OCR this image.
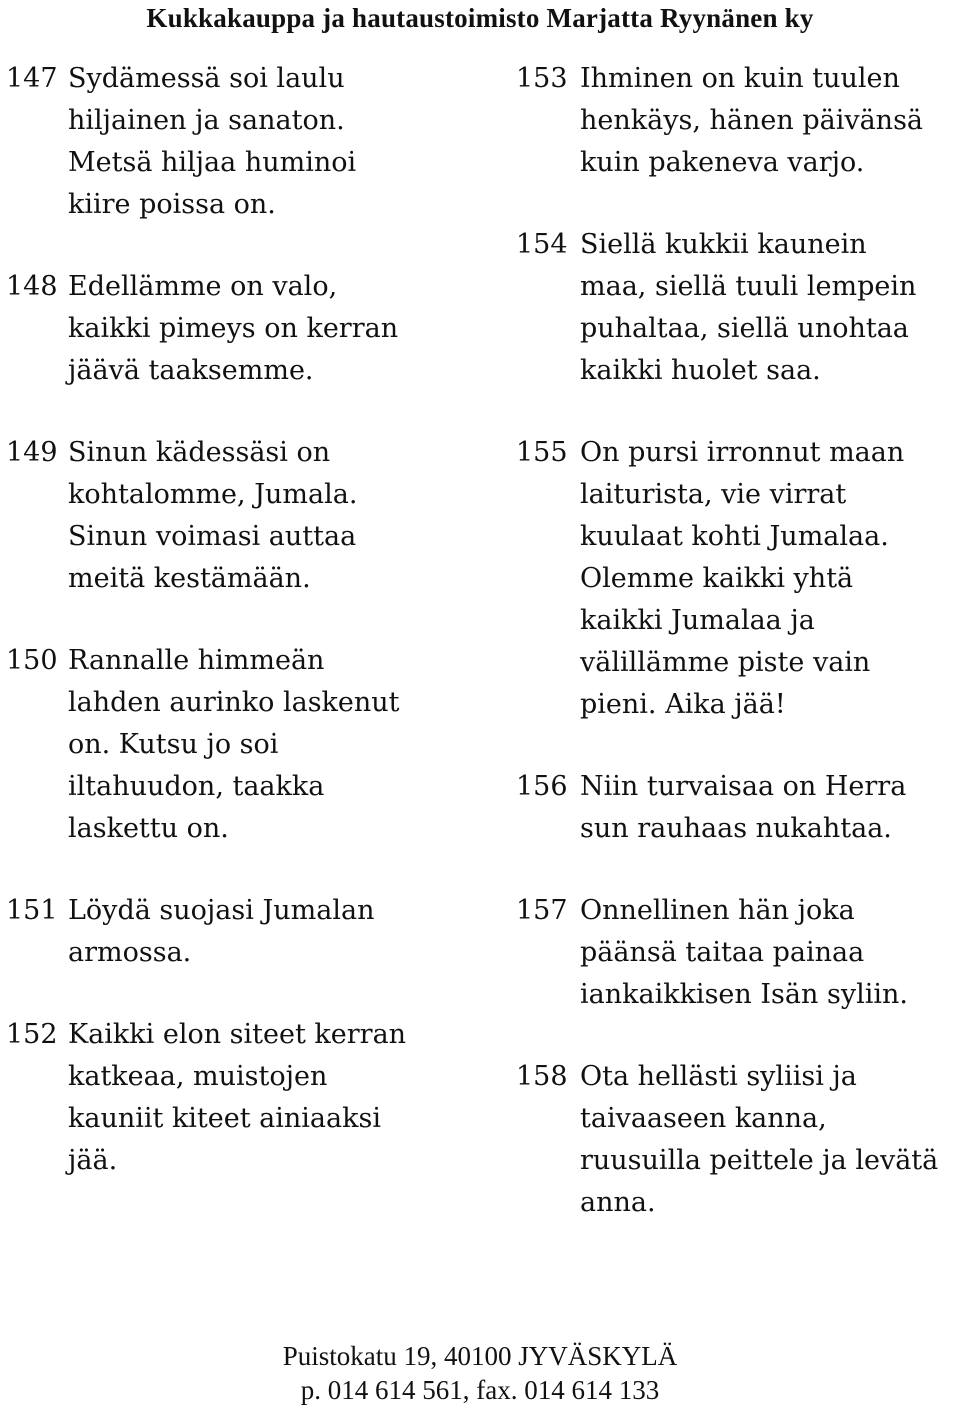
Kukkakauppa ja hautaustoimisto Marjatta Ryynänen ky
147 Sydämessä soi laulu
hiljainen ja sanaton.
Metsä hiljaa huminoi
kiire poissa on.
148 Edellämme on valo,
kaikki pimeys on kerran
jäävä taaksemme.
149 Sinun kädessäsi on
kohtalomme, Jumala.
Sinun voimasi auttaa
meitä kestämään.
150 Rannalle himmeän
lahden aurinko laskenut
on. Kutsu jo soi
iltahuudon, taakka
laskettu on.
151 Löydä suojasi Jumalan
armossa.
152 Kaikki elon siteet kerran
katkeaa, muistojen
kauniit kiteet ainiaaksi
jää.
153 Ihminen on kuin tuulen
henkäys, hänen päivänsä
kuin pakeneva varjo.
154 Siellä kukkii kaunein
maa, siellä tuuli lempein
puhaltaa, siellä unohtaa
kaikki huolet saa.
155 On pursi irronnut maan
laiturista, vie virrat
kuulaat kohti Jumalaa.
Olemme kaikki yhtä
kaikki Jumalaa ja
välillämme piste vain
pieni. Aika jää!
156 Niin turvaisaa on Herra
sun rauhaas nukahtaa.
157 Onnellinen hän joka
päänsä taitaa painaa
iankaikkisen Isän syliin.
158 Ota hellästi syliisi ja
taivaaseen kanna,
ruusuilla peittele ja levätä
anna.
Puistokatu 19, 40100 JYVÄSKYLÄ
p. 014 614 561, fax. 014 614 133
